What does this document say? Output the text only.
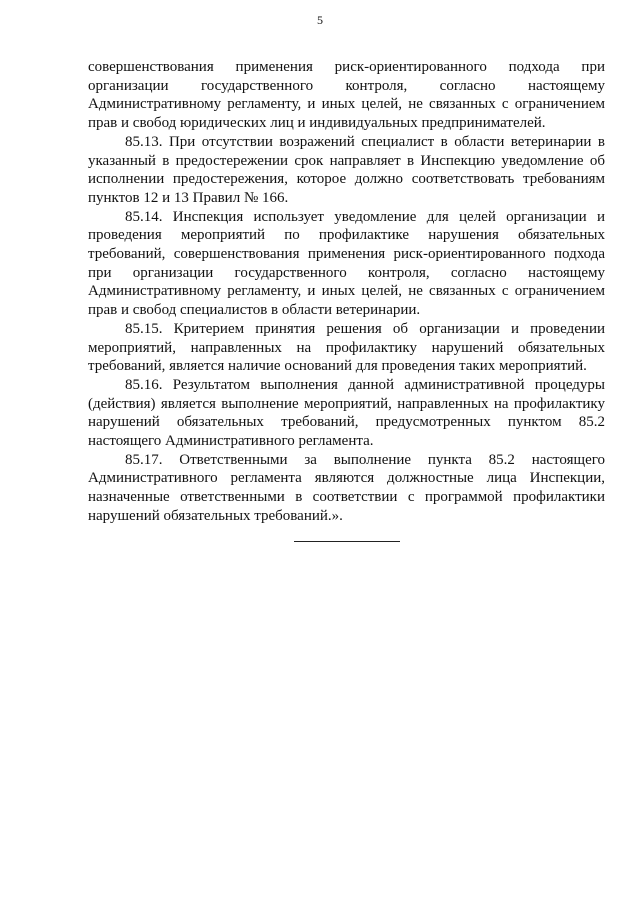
5

совершенствования применения риск-ориентированного подхода при организации государственного контроля, согласно настоящему Административному регламенту, и иных целей, не связанных с ограничением прав и свобод юридических лиц и индивидуальных предпринимателей.

85.13. При отсутствии возражений специалист в области ветеринарии в указанный в предостережении срок направляет в Инспекцию уведомление об исполнении предостережения, которое должно соответствовать требованиям пунктов 12 и 13 Правил № 166.

85.14. Инспекция использует уведомление для целей организации и проведения мероприятий по профилактике нарушения обязательных требований, совершенствования применения риск-ориентированного подхода при организации государственного контроля, согласно настоящему Административному регламенту, и иных целей, не связанных с ограничением прав и свобод специалистов в области ветеринарии.

85.15. Критерием принятия решения об организации и проведении мероприятий, направленных на профилактику нарушений обязательных требований, является наличие оснований для проведения таких мероприятий.

85.16. Результатом выполнения данной административной процедуры (действия) является выполнение мероприятий, направленных на профилактику нарушений обязательных требований, предусмотренных пунктом 85.2 настоящего Административного регламента.

85.17. Ответственными за выполнение пункта 85.2 настоящего Административного регламента являются должностные лица Инспекции, назначенные ответственными в соответствии с программой профилактики нарушений обязательных требований.».
